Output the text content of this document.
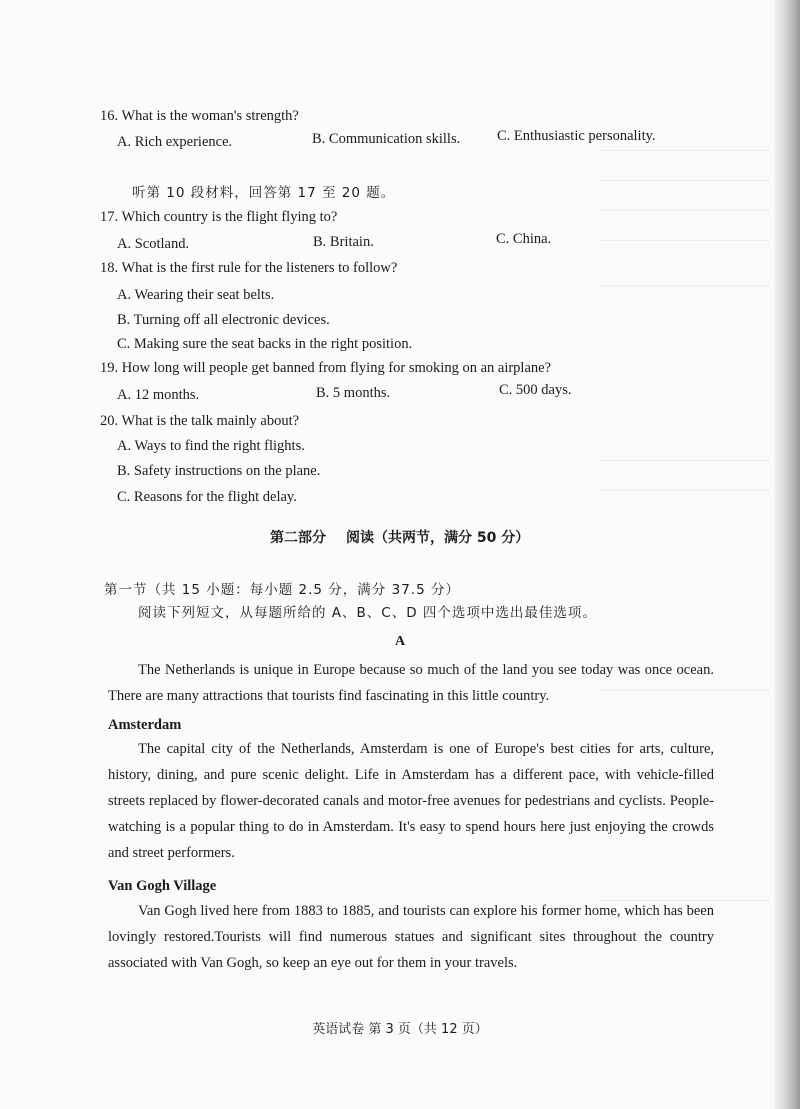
16. What is the woman's strength?
A. Rich experience.	B. Communication skills.	C. Enthusiastic personality.
听第 10 段材料，回答第 17 至 20 题。
17. Which country is the flight flying to?
A. Scotland.	B. Britain.	C. China.
18. What is the first rule for the listeners to follow?
A. Wearing their seat belts.
B. Turning off all electronic devices.
C. Making sure the seat backs in the right position.
19. How long will people get banned from flying for smoking on an airplane?
A. 12 months.	B. 5 months.	C. 500 days.
20. What is the talk mainly about?
A. Ways to find the right flights.
B. Safety instructions on the plane.
C. Reasons for the flight delay.
第二部分 阅读（共两节，满分 50 分）
第一节（共 15 小题：每小题 2.5 分，满分 37.5 分）
阅读下列短文，从每题所给的 A、B、C、D 四个选项中选出最佳选项。
A
The Netherlands is unique in Europe because so much of the land you see today was once ocean. There are many attractions that tourists find fascinating in this little country.
Amsterdam
The capital city of the Netherlands, Amsterdam is one of Europe's best cities for arts, culture, history, dining, and pure scenic delight. Life in Amsterdam has a different pace, with vehicle-filled streets replaced by flower-decorated canals and motor-free avenues for pedestrians and cyclists. People-watching is a popular thing to do in Amsterdam. It's easy to spend hours here just enjoying the crowds and street performers.
Van Gogh Village
Van Gogh lived here from 1883 to 1885, and tourists can explore his former home, which has been lovingly restored.Tourists will find numerous statues and significant sites throughout the country associated with Van Gogh, so keep an eye out for them in your travels.
英语试卷 第 3 页（共 12 页）
